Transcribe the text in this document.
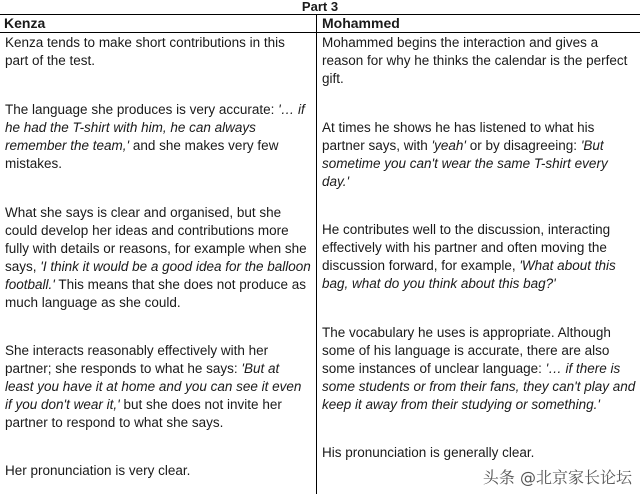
Part 3
Kenza	Mohammed
Kenza tends to make short contributions in this part of the test.
The language she produces is very accurate: '… if he had the T-shirt with him, he can always remember the team,' and she makes very few mistakes.
What she says is clear and organised, but she could develop her ideas and contributions more fully with details or reasons, for example when she says, 'I think it would be a good idea for the balloon football.' This means that she does not produce as much language as she could.
She interacts reasonably effectively with her partner; she responds to what he says: 'But at least you have it at home and you can see it even if you don't wear it,' but she does not invite her partner to respond to what she says.
Her pronunciation is very clear.
Mohammed begins the interaction and gives a reason for why he thinks the calendar is the perfect gift.
At times he shows he has listened to what his partner says, with 'yeah' or by disagreeing: 'But sometime you can't wear the same T-shirt every day.'
He contributes well to the discussion, interacting effectively with his partner and often moving the discussion forward, for example, 'What about this bag, what do you think about this bag?'
The vocabulary he uses is appropriate. Although some of his language is accurate, there are also some instances of unclear language: '… if there is some students or from their fans, they can't play and keep it away from their studying or something.'
His pronunciation is generally clear.
头条 @北京家长论坛
